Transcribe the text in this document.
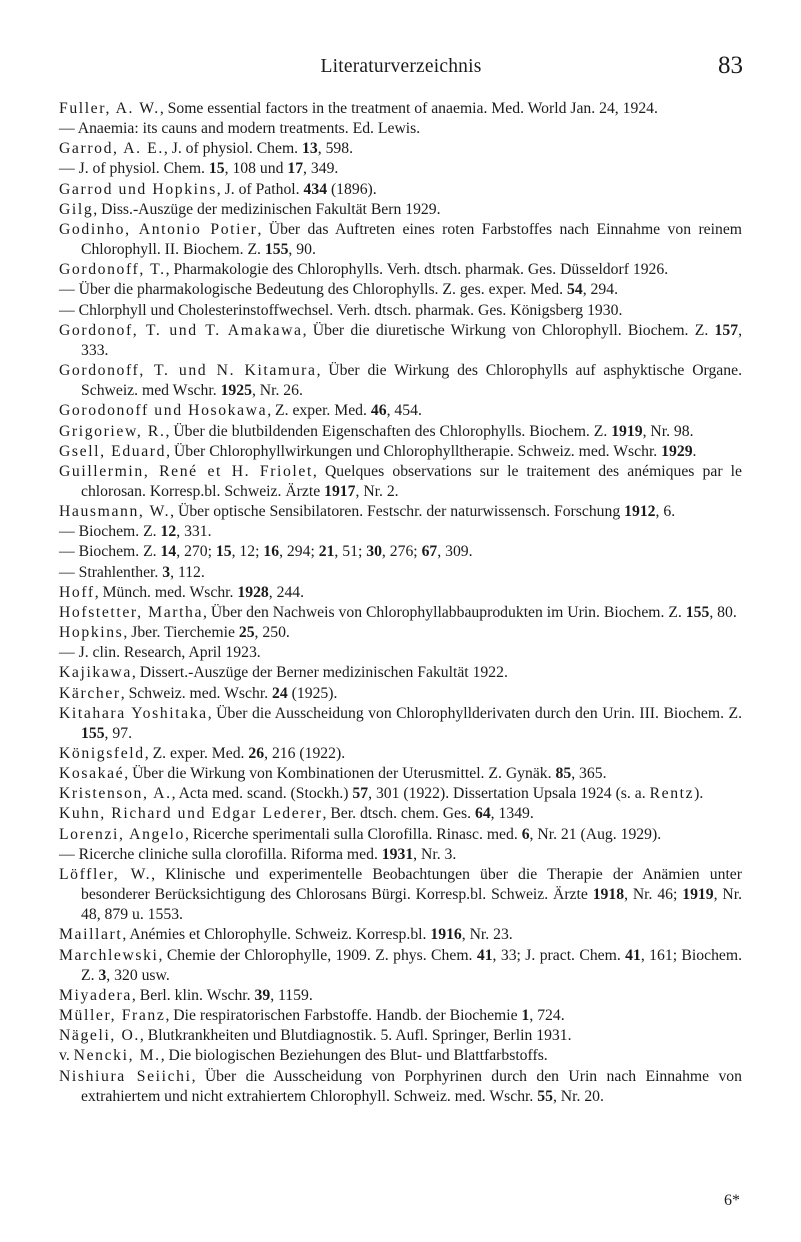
Literaturverzeichnis	83
Fuller, A. W., Some essential factors in the treatment of anaemia. Med. World Jan. 24, 1924.
— Anaemia: its cauns and modern treatments. Ed. Lewis.
Garrod, A. E., J. of physiol. Chem. 13, 598.
— J. of physiol. Chem. 15, 108 und 17, 349.
Garrod und Hopkins, J. of Pathol. 434 (1896).
Gilg, Diss.-Auszüge der medizinischen Fakultät Bern 1929.
Godinho, Antonio Potier, Über das Auftreten eines roten Farbstoffes nach Einnahme von reinem Chlorophyll. II. Biochem. Z. 155, 90.
Gordonoff, T., Pharmakologie des Chlorophylls. Verh. dtsch. pharmak. Ges. Düsseldorf 1926.
— Über die pharmakologische Bedeutung des Chlorophylls. Z. ges. exper. Med. 54, 294.
— Chlorphyll und Cholesterinstoffwechsel. Verh. dtsch. pharmak. Ges. Königsberg 1930.
Gordonof, T. und T. Amakawa, Über die diuretische Wirkung von Chlorophyll. Biochem. Z. 157, 333.
Gordonoff, T. und N. Kitamura, Über die Wirkung des Chlorophylls auf asphyktische Organe. Schweiz. med Wschr. 1925, Nr. 26.
Gorodonoff und Hosokawa, Z. exper. Med. 46, 454.
Grigoriew, R., Über die blutbildenden Eigenschaften des Chlorophylls. Biochem. Z. 1919, Nr. 98.
Gsell, Eduard, Über Chlorophyllwirkungen und Chlorophylltherapie. Schweiz. med. Wschr. 1929.
Guillermin, René et H. Friolet, Quelques observations sur le traitement des anémiques par le chlorosan. Korresp.bl. Schweiz. Ärzte 1917, Nr. 2.
Hausmann, W., Über optische Sensibilatoren. Festschr. der naturwissensch. Forschung 1912, 6.
— Biochem. Z. 12, 331.
— Biochem. Z. 14, 270; 15, 12; 16, 294; 21, 51; 30, 276; 67, 309.
— Strahlenther. 3, 112.
Hoff, Münch. med. Wschr. 1928, 244.
Hofstetter, Martha, Über den Nachweis von Chlorophyllabbauprodukten im Urin. Biochem. Z. 155, 80.
Hopkins, Jber. Tierchemie 25, 250.
— J. clin. Research, April 1923.
Kajikawa, Dissert.-Auszüge der Berner medizinischen Fakultät 1922.
Kärcher, Schweiz. med. Wschr. 24 (1925).
Kitahara Yoshitaka, Über die Ausscheidung von Chlorophyllderivaten durch den Urin. III. Biochem. Z. 155, 97.
Königsfeld, Z. exper. Med. 26, 216 (1922).
Kosakaé, Über die Wirkung von Kombinationen der Uterusmittel. Z. Gynäk. 85, 365.
Kristenson, A., Acta med. scand. (Stockh.) 57, 301 (1922). Dissertation Upsala 1924 (s. a. Rentz).
Kuhn, Richard und Edgar Lederer, Ber. dtsch. chem. Ges. 64, 1349.
Lorenzi, Angelo, Ricerche sperimentali sulla Clorofilla. Rinasc. med. 6, Nr. 21 (Aug. 1929).
— Ricerche cliniche sulla clorofilla. Riforma med. 1931, Nr. 3.
Löffler, W., Klinische und experimentelle Beobachtungen über die Therapie der Anämien unter besonderer Berücksichtigung des Chlorosans Bürgi. Korresp.bl. Schweiz. Ärzte 1918, Nr. 46; 1919, Nr. 48, 879 u. 1553.
Maillart, Anémies et Chlorophylle. Schweiz. Korresp.bl. 1916, Nr. 23.
Marchlewski, Chemie der Chlorophylle, 1909. Z. phys. Chem. 41, 33; J. pract. Chem. 41, 161; Biochem. Z. 3, 320 usw.
Miyadera, Berl. klin. Wschr. 39, 1159.
Müller, Franz, Die respiratorischen Farbstoffe. Handb. der Biochemie 1, 724.
Nägeli, O., Blutkrankheiten und Blutdiagnostik. 5. Aufl. Springer, Berlin 1931.
v. Nencki, M., Die biologischen Beziehungen des Blut- und Blattfarbstoffs.
Nishiura Seiichi, Über die Ausscheidung von Porphyrinen durch den Urin nach Einnahme von extrahiertem und nicht extrahiertem Chlorophyll. Schweiz. med. Wschr. 55, Nr. 20.
6*
